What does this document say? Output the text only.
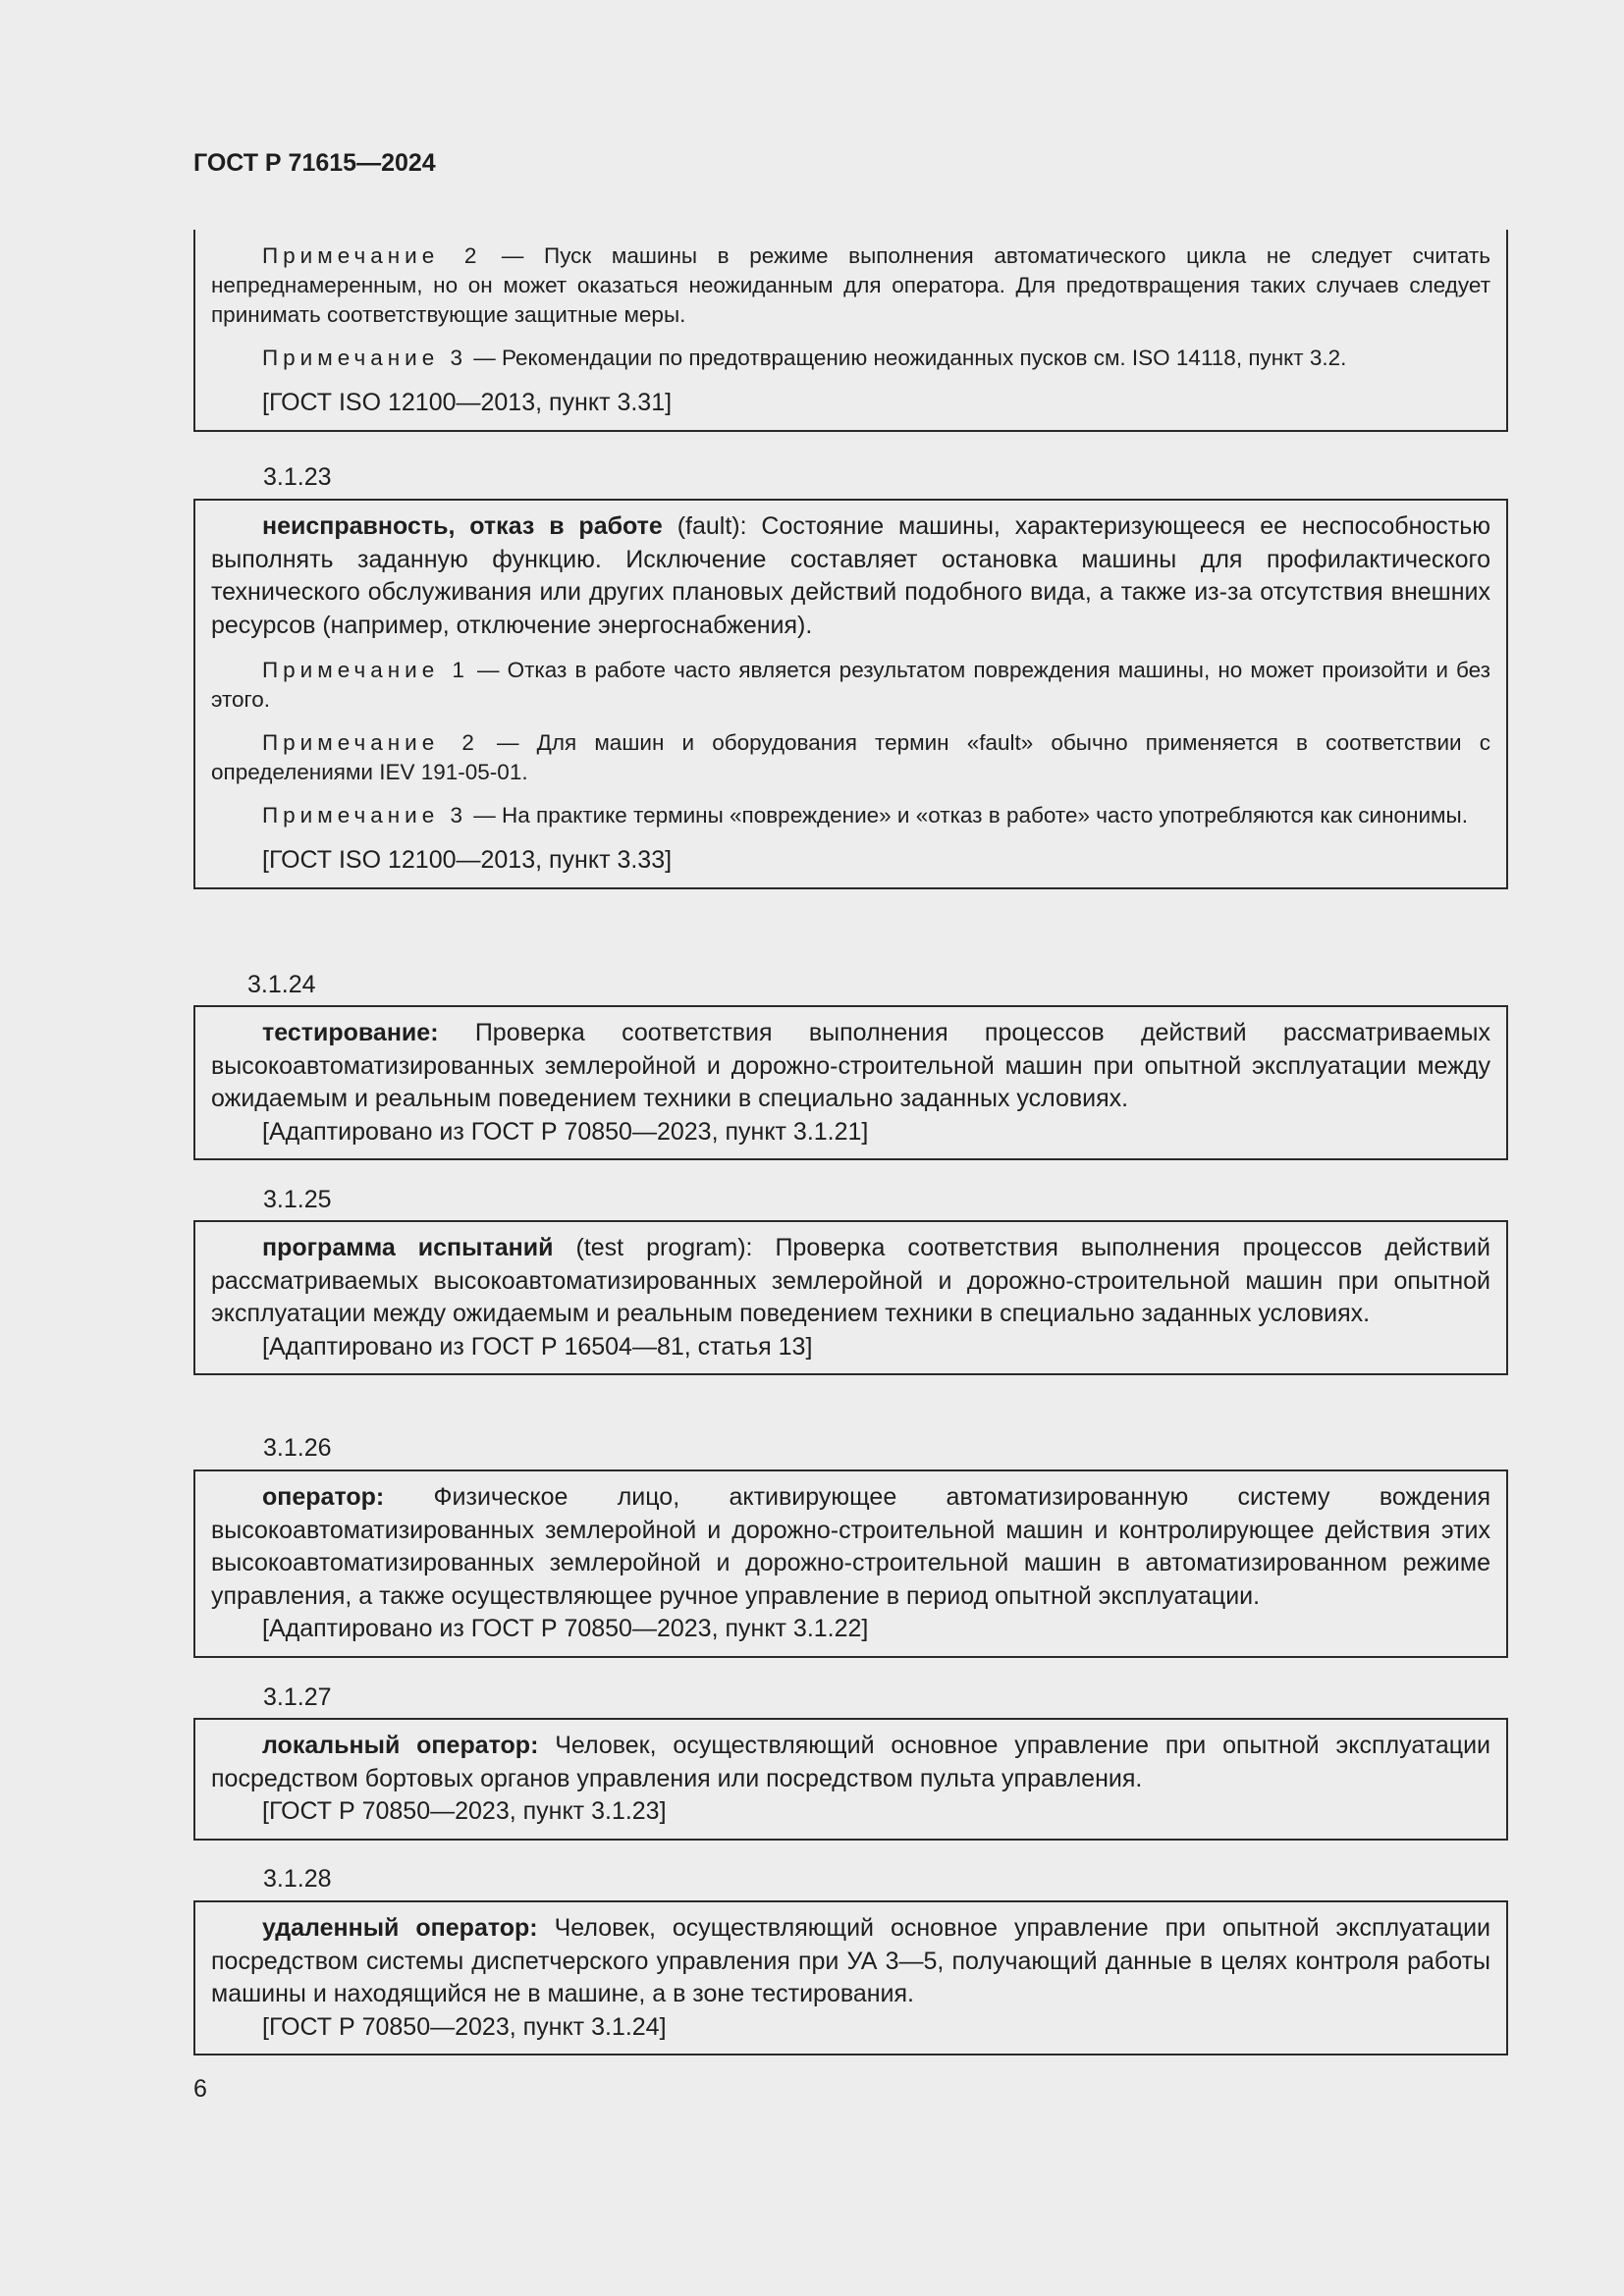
ГОСТ Р 71615—2024

Примечание 2 — Пуск машины в режиме выполнения автоматического цикла не следует считать непреднамеренным, но он может оказаться неожиданным для оператора. Для предотвращения таких случаев следует принимать соответствующие защитные меры.

Примечание 3 — Рекомендации по предотвращению неожиданных пусков см. ISO 14118, пункт 3.2.

[ГОСТ ISO 12100—2013, пункт 3.31]

3.1.23

неисправность, отказ в работе (fault): Состояние машины, характеризующееся ее неспособностью выполнять заданную функцию. Исключение составляет остановка машины для профилактического технического обслуживания или других плановых действий подобного вида, а также из-за отсутствия внешних ресурсов (например, отключение энергоснабжения).

Примечание 1 — Отказ в работе часто является результатом повреждения машины, но может произойти и без этого.

Примечание 2 — Для машин и оборудования термин «fault» обычно применяется в соответствии с определениями IEV 191-05-01.

Примечание 3 — На практике термины «повреждение» и «отказ в работе» часто употребляются как синонимы.

[ГОСТ ISO 12100—2013, пункт 3.33]

3.1.24

тестирование: Проверка соответствия выполнения процессов действий рассматриваемых высокоавтоматизированных землеройной и дорожно-строительной машин при опытной эксплуатации между ожидаемым и реальным поведением техники в специально заданных условиях.

[Адаптировано из ГОСТ Р 70850—2023, пункт 3.1.21]

3.1.25

программа испытаний (test program): Проверка соответствия выполнения процессов действий рассматриваемых высокоавтоматизированных землеройной и дорожно-строительной машин при опытной эксплуатации между ожидаемым и реальным поведением техники в специально заданных условиях.

[Адаптировано из ГОСТ Р 16504—81, статья 13]

3.1.26

оператор: Физическое лицо, активирующее автоматизированную систему вождения высокоавтоматизированных землеройной и дорожно-строительной машин и контролирующее действия этих высокоавтоматизированных землеройной и дорожно-строительной машин в автоматизированном режиме управления, а также осуществляющее ручное управление в период опытной эксплуатации.

[Адаптировано из ГОСТ Р 70850—2023, пункт 3.1.22]

3.1.27

локальный оператор: Человек, осуществляющий основное управление при опытной эксплуатации посредством бортовых органов управления или посредством пульта управления.

[ГОСТ Р 70850—2023, пункт 3.1.23]

3.1.28

удаленный оператор: Человек, осуществляющий основное управление при опытной эксплуатации посредством системы диспетчерского управления при УА 3—5, получающий данные в целях контроля работы машины и находящийся не в машине, а в зоне тестирования.

[ГОСТ Р 70850—2023, пункт 3.1.24]

6
